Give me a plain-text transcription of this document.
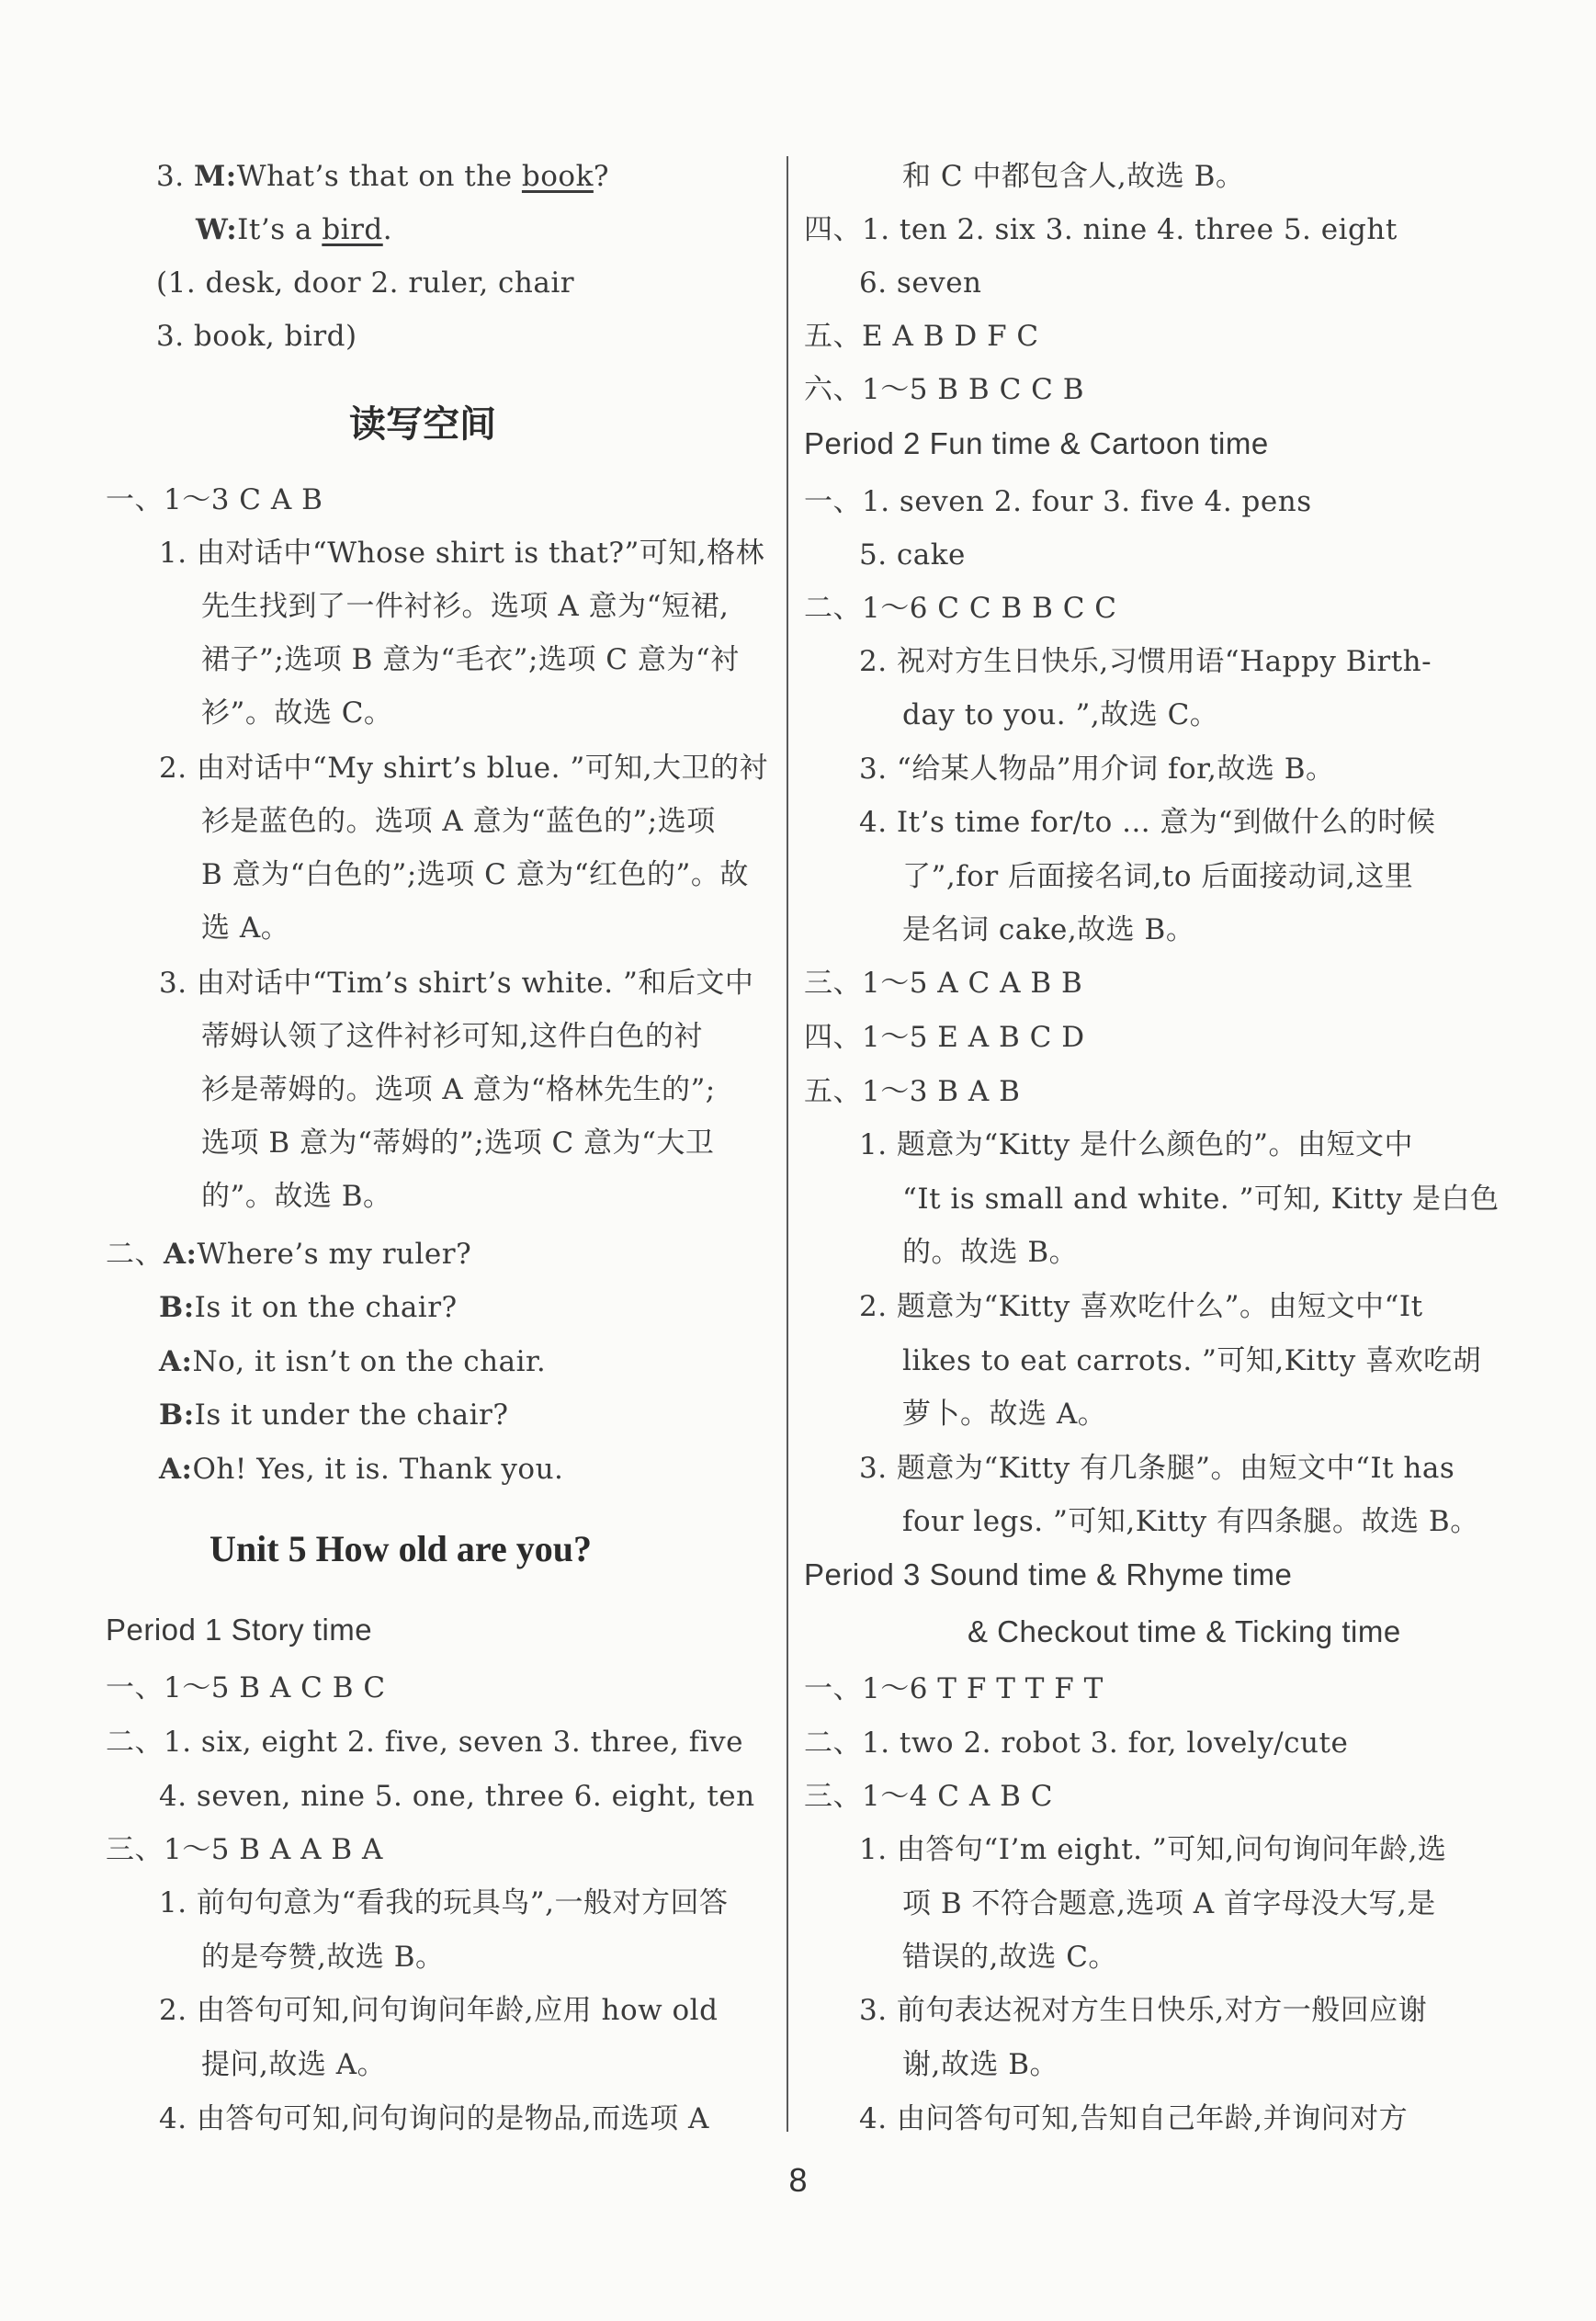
3. M:What’s that on the book?
W:It’s a bird.
(1. desk, door 2. ruler, chair
3. book, bird)
读写空间
一、1～3 C A B
1. 由对话中“Whose shirt is that?”可知,格林
先生找到了一件衬衫。选项 A 意为“短裙,
裙子”;选项 B 意为“毛衣”;选项 C 意为“衬
衫”。故选 C。
2. 由对话中“My shirt’s blue. ”可知,大卫的衬
衫是蓝色的。选项 A 意为“蓝色的”;选项
B 意为“白色的”;选项 C 意为“红色的”。故
选 A。
3. 由对话中“Tim’s shirt’s white. ”和后文中
蒂姆认领了这件衬衫可知,这件白色的衬
衫是蒂姆的。选项 A 意为“格林先生的”;
选项 B 意为“蒂姆的”;选项 C 意为“大卫
的”。故选 B。
二、A:Where’s my ruler?
B:Is it on the chair?
A:No, it isn’t on the chair.
B:Is it under the chair?
A:Oh! Yes, it is. Thank you.
Unit 5 How old are you?
Period 1 Story time
一、1～5 B A C B C
二、1. six, eight 2. five, seven 3. three, five
4. seven, nine 5. one, three 6. eight, ten
三、1～5 B A A B A
1. 前句句意为“看我的玩具鸟”,一般对方回答
的是夸赞,故选 B。
2. 由答句可知,问句询问年龄,应用 how old
提问,故选 A。
4. 由答句可知,问句询问的是物品,而选项 A
和 C 中都包含人,故选 B。
四、1. ten 2. six 3. nine 4. three 5. eight
6. seven
五、E A B D F C
六、1～5 B B C C B
Period 2 Fun time & Cartoon time
一、1. seven 2. four 3. five 4. pens
5. cake
二、1～6 C C B B C C
2. 祝对方生日快乐,习惯用语“Happy Birth-
day to you. ”,故选 C。
3. “给某人物品”用介词 for,故选 B。
4. It’s time for/to ... 意为“到做什么的时候
了”,for 后面接名词,to 后面接动词,这里
是名词 cake,故选 B。
三、1～5 A C A B B
四、1～5 E A B C D
五、1～3 B A B
1. 题意为“Kitty 是什么颜色的”。由短文中
“It is small and white. ”可知, Kitty 是白色
的。故选 B。
2. 题意为“Kitty 喜欢吃什么”。由短文中“It
likes to eat carrots. ”可知,Kitty 喜欢吃胡
萝卜。故选 A。
3. 题意为“Kitty 有几条腿”。由短文中“It has
four legs. ”可知,Kitty 有四条腿。故选 B。
Period 3 Sound time & Rhyme time
& Checkout time & Ticking time
一、1～6 T F T T F T
二、1. two 2. robot 3. for, lovely/cute
三、1～4 C A B C
1. 由答句“I’m eight. ”可知,问句询问年龄,选
项 B 不符合题意,选项 A 首字母没大写,是
错误的,故选 C。
3. 前句表达祝对方生日快乐,对方一般回应谢
谢,故选 B。
4. 由问答句可知,告知自己年龄,并询问对方
8
